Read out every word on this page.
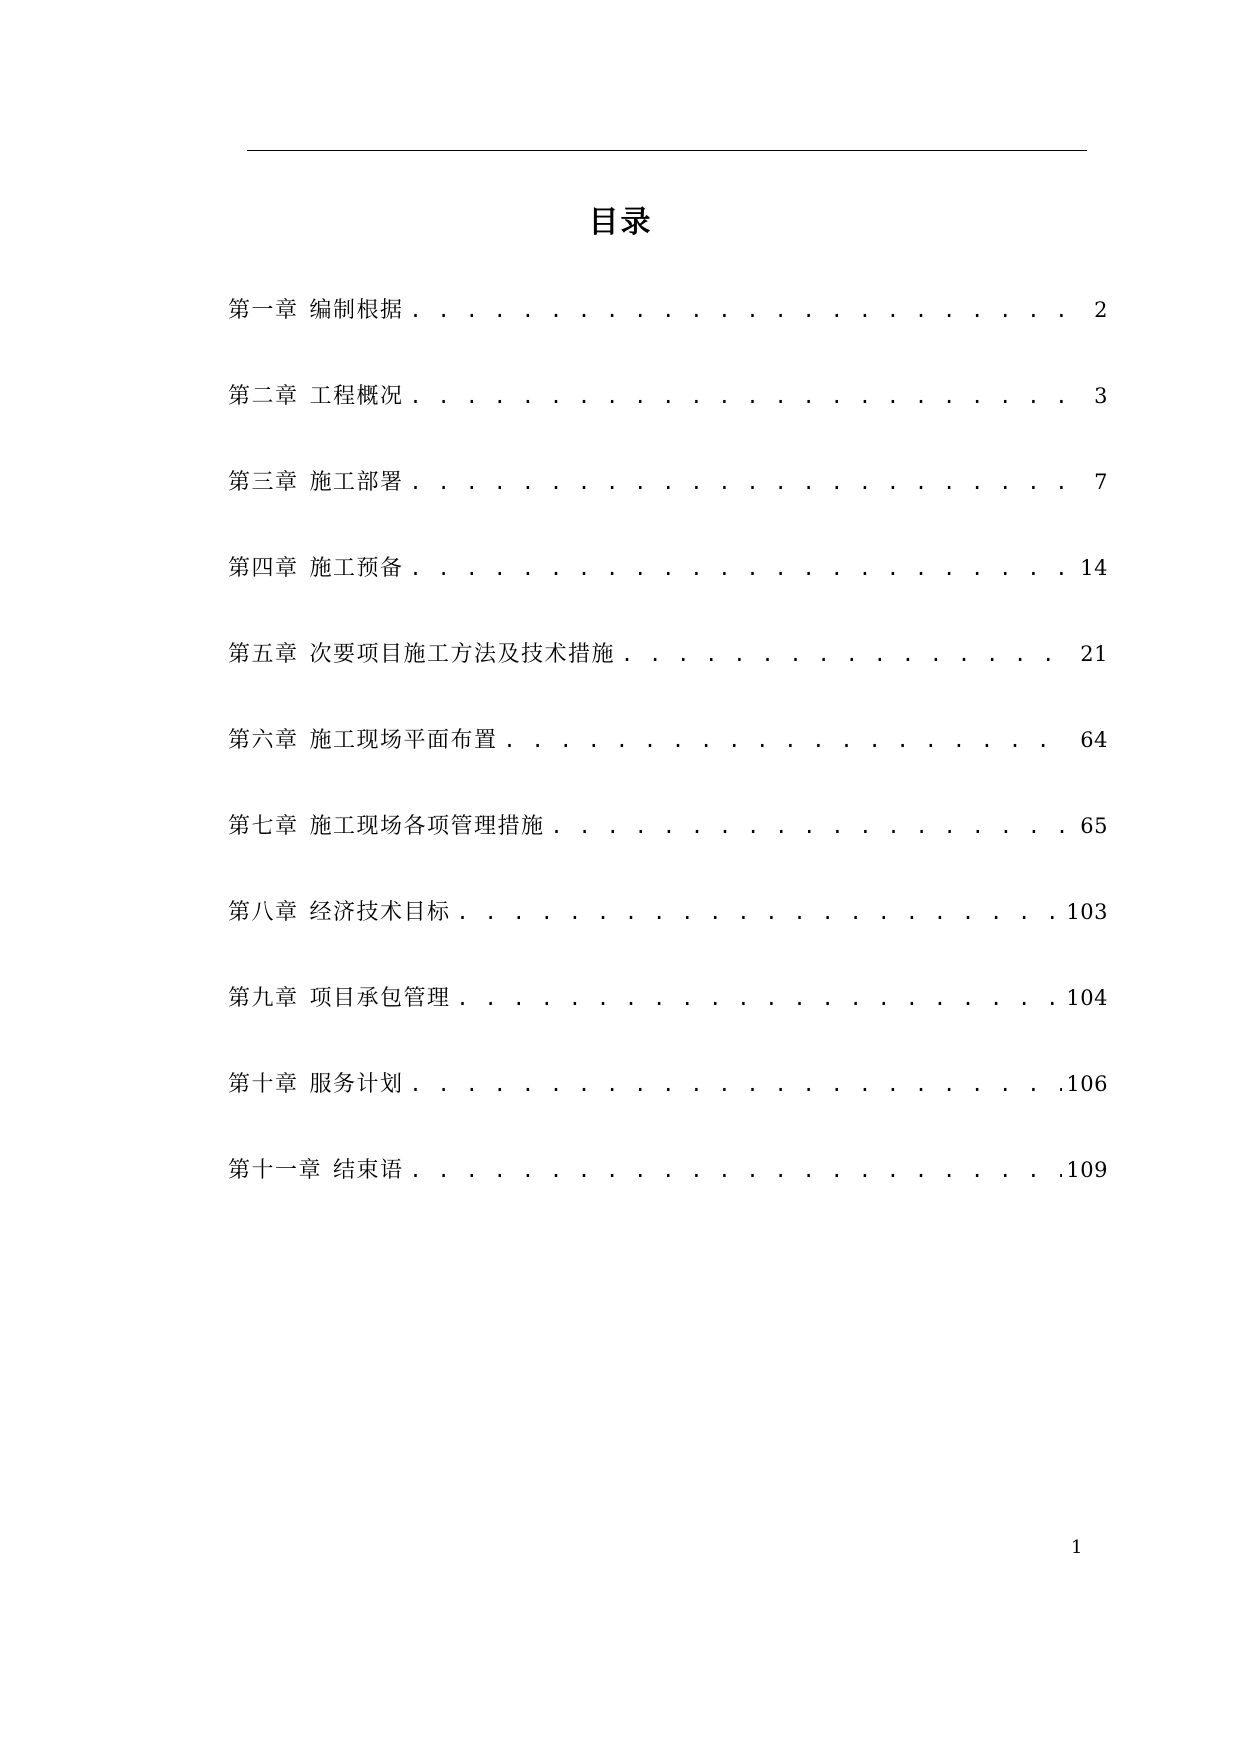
目录
第一章 编制根据 . . .	2
第二章 工程概况 . . .	3
第三章 施工部署 . . .	7
第四章 施工预备 . . .	14
第五章 次要项目施工方法及技术措施 . . .	21
第六章 施工现场平面布置 . . .	64
第七章 施工现场各项管理措施 . . .	65
第八章 经济技术目标 . . .	103
第九章 项目承包管理 . . .	104
第十章 服务计划 . . .	106
第十一章 结束语 . . .	109
1
